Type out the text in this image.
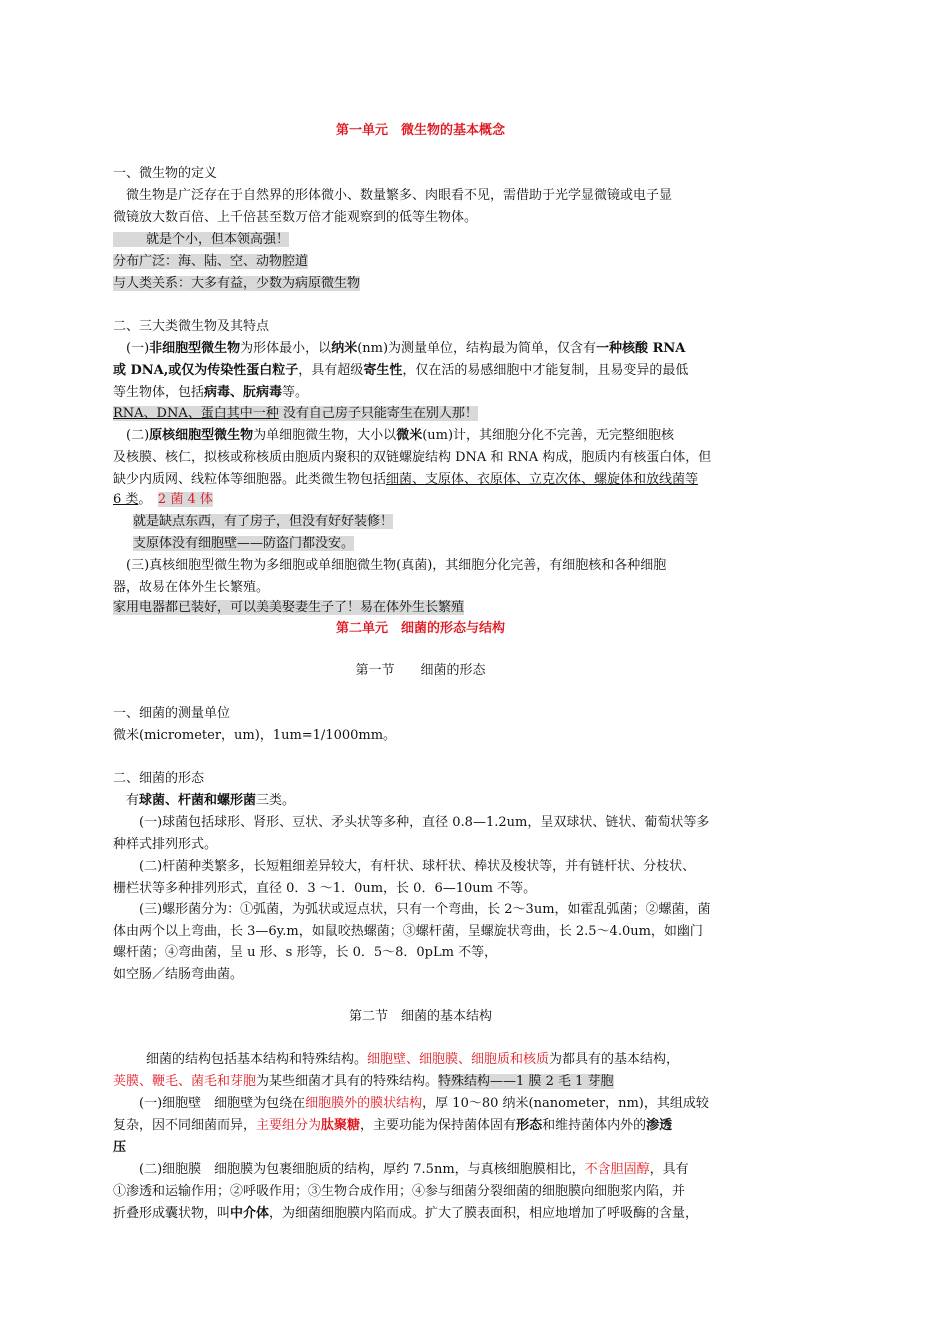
第一单元　微生物的基本概念
一、微生物的定义
微生物是广泛存在于自然界的形体微小、数量繁多、肉眼看不见，需借助于光学显微镜或电子显
微镜放大数百倍、上千倍甚至数万倍才能观察到的低等生物体。
就是个小，但本领高强！
分布广泛：海、陆、空、动物腔道
与人类关系：大多有益，少数为病原微生物
二、三大类微生物及其特点
(一)非细胞型微生物为形体最小，以纳米(nm)为测量单位，结构最为简单，仅含有一种核酸 RNA
或 DNA,或仅为传染性蛋白粒子，具有超级寄生性，仅在活的易感细胞中才能复制，且易变异的最低
等生物体，包括病毒、朊病毒等。
RNA、DNA、蛋白其中一种 没有自己房子只能寄生在别人那！
(二)原核细胞型微生物为单细胞微生物，大小以微米(um)计，其细胞分化不完善，无完整细胞核
及核膜、核仁，拟核或称核质由胞质内聚积的双链螺旋结构 DNA 和 RNA 构成，胞质内有核蛋白体，但
缺少内质网、线粒体等细胞器。此类微生物包括细菌、支原体、衣原体、立克次体、螺旋体和放线菌等
6 类。　2 菌 4 体
就是缺点东西，有了房子，但没有好好装修！
支原体没有细胞壁——防盗门都没安。
(三)真核细胞型微生物为多细胞或单细胞微生物(真菌)，其细胞分化完善，有细胞核和各种细胞
器，故易在体外生长繁殖。
家用电器都已装好，可以美美娶妻生子了！易在体外生长繁殖
第二单元　细菌的形态与结构
第一节　　细菌的形态
一、细菌的测量单位
微米(micrometer，um)，1um=1/1000mm。
二、细菌的形态
有球菌、杆菌和螺形菌三类。
(一)球菌包括球形、肾形、豆状、矛头状等多种，直径 0.8—1.2um，呈双球状、链状、葡萄状等多
种样式排列形式。
(二)杆菌种类繁多，长短粗细差异较大，有杆状、球杆状、棒状及梭状等，并有链杆状、分枝状、
栅栏状等多种排列形式，直径 0．3 ～1．0um，长 0．6—10um 不等。
(三)螺形菌分为：①弧菌，为弧状或逗点状，只有一个弯曲，长 2～3um，如霍乱弧菌；②螺菌，菌
体由两个以上弯曲，长 3—6y.m，如鼠咬热螺菌；③螺杆菌，呈螺旋状弯曲，长 2.5～4.0um，如幽门
螺杆菌；④弯曲菌，呈 u 形、s 形等，长 0．5～8．0pLm 不等，
如空肠／结肠弯曲菌。
第二节　细菌的基本结构
细菌的结构包括基本结构和特殊结构。细胞壁、细胞膜、细胞质和核质为都具有的基本结构，
荚膜、鞭毛、菌毛和芽胞为某些细菌才具有的特殊结构。特殊结构——1 膜 2 毛 1 芽胞
(一)细胞壁　细胞壁为包绕在细胞膜外的膜状结构，厚 10～80 纳米(nanometer，nm)，其组成较
复杂，因不同细菌而异，主要组分为肽聚糖，主要功能为保持菌体固有形态和维持菌体内外的渗透
压
(二)细胞膜　细胞膜为包裹细胞质的结构，厚约 7.5nm，与真核细胞膜相比，不含胆固醇，具有
①渗透和运输作用；②呼吸作用；③生物合成作用；④参与细菌分裂细菌的细胞膜向细胞浆内陷，并
折叠形成囊状物，叫中介体，为细菌细胞膜内陷而成。扩大了膜表面积，相应地增加了呼吸酶的含量，
